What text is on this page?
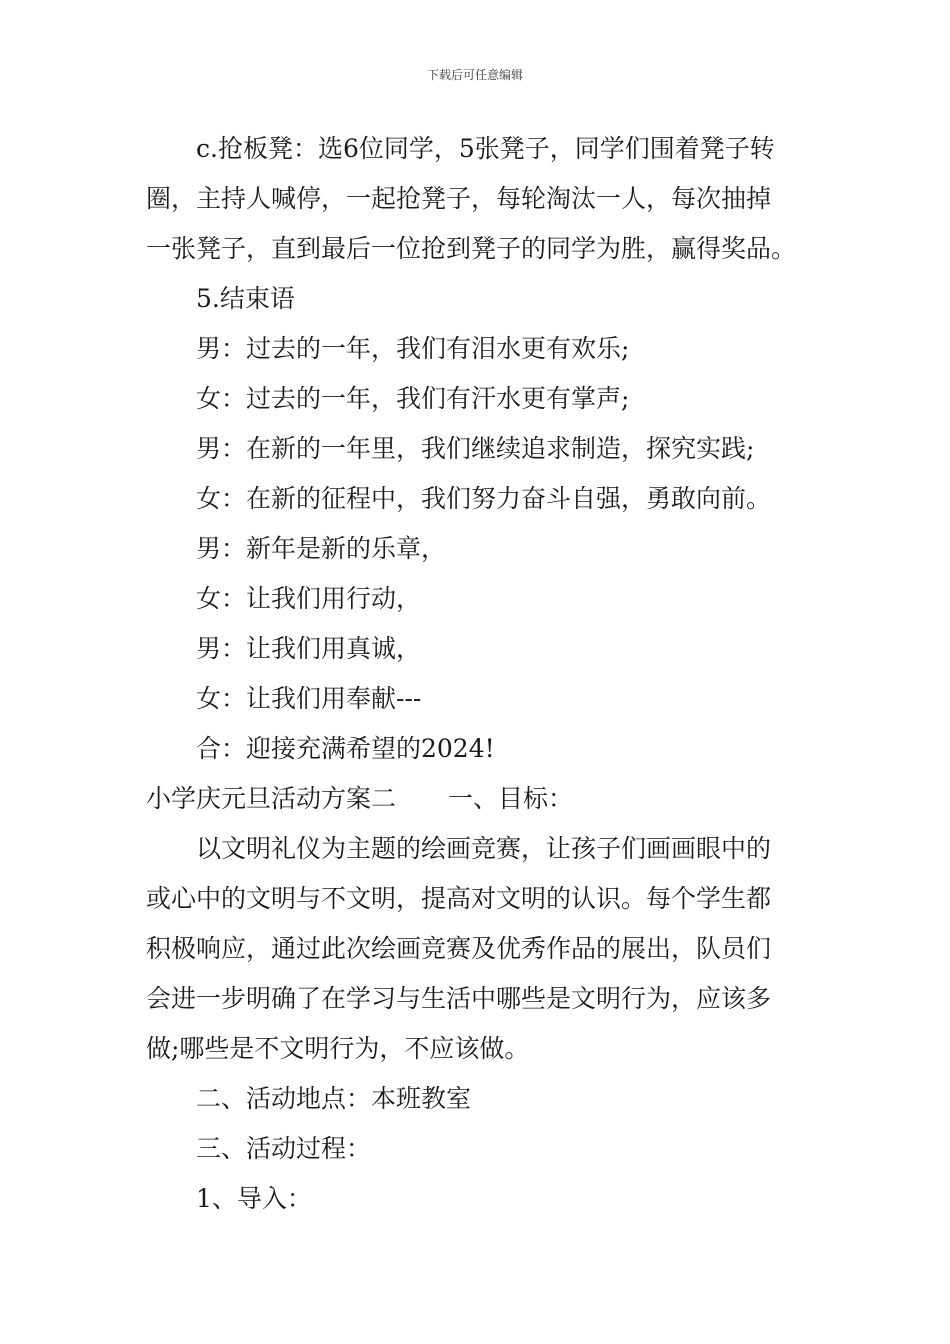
下载后可任意编辑
c.抢板凳：选6位同学，5张凳子，同学们围着凳子转
圈，主持人喊停，一起抢凳子，每轮淘汰一人，每次抽掉
一张凳子，直到最后一位抢到凳子的同学为胜，赢得奖品。
5.结束语
男：过去的一年，我们有泪水更有欢乐;
女：过去的一年，我们有汗水更有掌声;
男：在新的一年里，我们继续追求制造，探究实践;
女：在新的征程中，我们努力奋斗自强，勇敢向前。
男：新年是新的乐章，
女：让我们用行动，
男：让我们用真诚，
女：让我们用奉献---
合：迎接充满希望的2024!
小学庆元旦活动方案二 一、目标：
以文明礼仪为主题的绘画竞赛，让孩子们画画眼中的
或心中的文明与不文明，提高对文明的认识。每个学生都
积极响应，通过此次绘画竞赛及优秀作品的展出，队员们
会进一步明确了在学习与生活中哪些是文明行为，应该多
做;哪些是不文明行为，不应该做。
二、活动地点：本班教室
三、活动过程：
1、导入：
